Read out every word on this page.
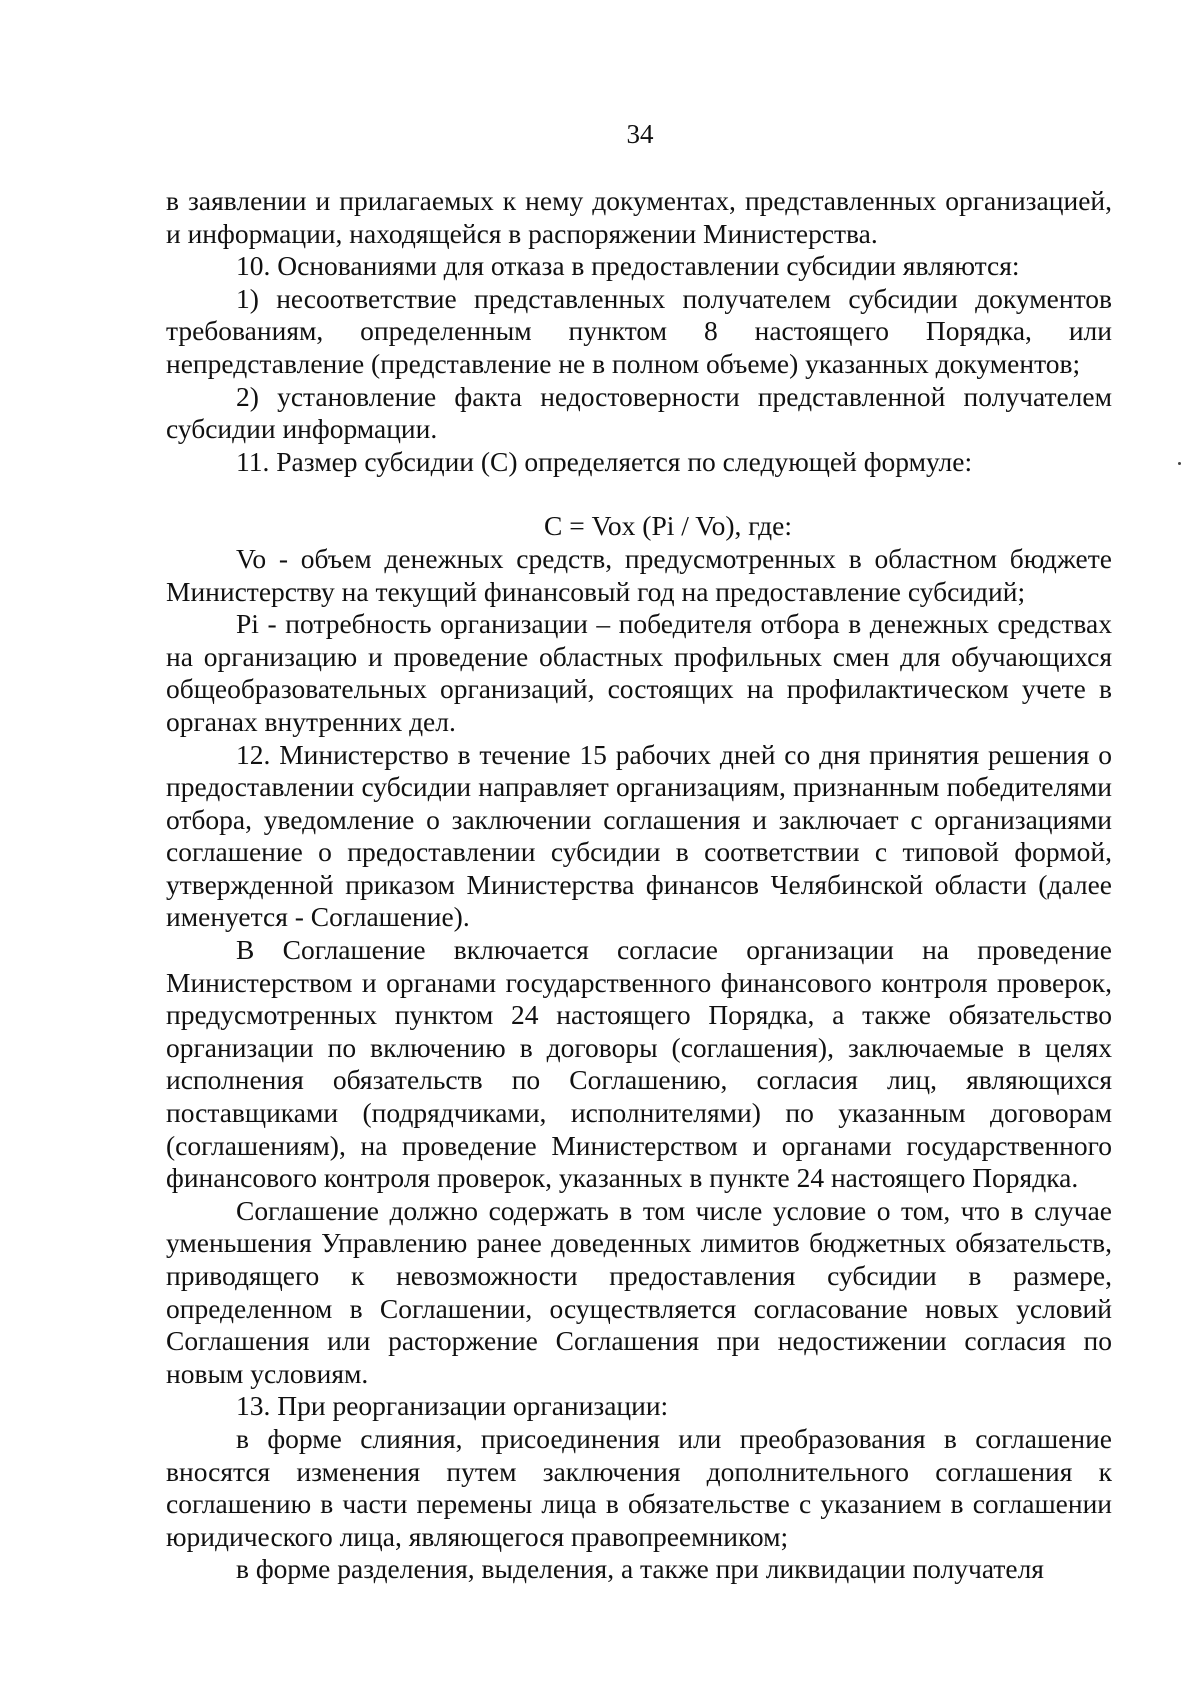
34

в заявлении и прилагаемых к нему документах, представленных организацией, и информации, находящейся в распоряжении Министерства.

10. Основаниями для отказа в предоставлении субсидии являются:

1) несоответствие представленных получателем субсидии документов требованиям, определенным пунктом 8 настоящего Порядка, или непредставление (представление не в полном объеме) указанных документов;

2) установление факта недостоверности представленной получателем субсидии информации.

11. Размер субсидии (С) определяется по следующей формуле:

С = Voх (Pi / Vo), где:

Vo - объем денежных средств, предусмотренных в областном бюджете Министерству на текущий финансовый год на предоставление субсидий;

Pi - потребность организации – победителя отбора в денежных средствах на организацию и проведение областных профильных смен для обучающихся общеобразовательных организаций, состоящих на профилактическом учете в органах внутренних дел.

12. Министерство в течение 15 рабочих дней со дня принятия решения о предоставлении субсидии направляет организациям, признанным победителями отбора, уведомление о заключении соглашения и заключает с организациями соглашение о предоставлении субсидии в соответствии с типовой формой, утвержденной приказом Министерства финансов Челябинской области (далее именуется - Соглашение).

В Соглашение включается согласие организации на проведение Министерством и органами государственного финансового контроля проверок, предусмотренных пунктом 24 настоящего Порядка, а также обязательство организации по включению в договоры (соглашения), заключаемые в целях исполнения обязательств по Соглашению, согласия лиц, являющихся поставщиками (подрядчиками, исполнителями) по указанным договорам (соглашениям), на проведение Министерством и органами государственного финансового контроля проверок, указанных в пункте 24 настоящего Порядка.

Соглашение должно содержать в том числе условие о том, что в случае уменьшения Управлению ранее доведенных лимитов бюджетных обязательств, приводящего к невозможности предоставления субсидии в размере, определенном в Соглашении, осуществляется согласование новых условий Соглашения или расторжение Соглашения при недостижении согласия по новым условиям.

13. При реорганизации организации:

в форме слияния, присоединения или преобразования в соглашение вносятся изменения путем заключения дополнительного соглашения к соглашению в части перемены лица в обязательстве с указанием в соглашении юридического лица, являющегося правопреемником;

в форме разделения, выделения, а также при ликвидации получателя
